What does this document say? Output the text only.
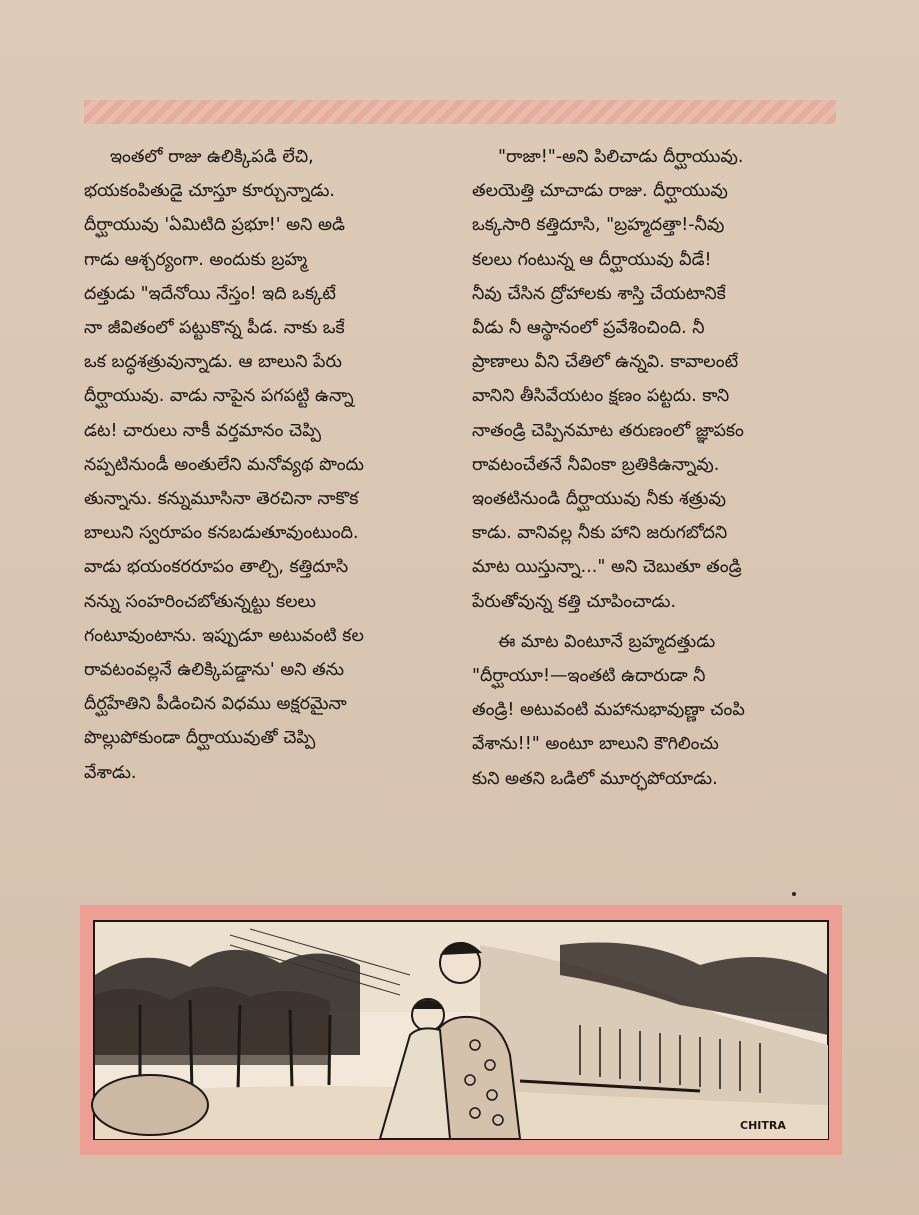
ఇంతలో రాజు ఉలిక్కిపడి లేచి,
భయకంపితుడై చూస్తూ కూర్చున్నాడు.
దీర్ఘాయువు 'ఏమిటిది ప్రభూ!' అని అడి
గాడు ఆశ్చర్యంగా. అందుకు బ్రహ్మ
దత్తుడు "ఇదేనోయి నేస్తం! ఇది ఒక్కటే
నా జీవితంలో పట్టుకొన్న పీడ. నాకు ఒకే
ఒక బద్ధశత్రువున్నాడు. ఆ బాలుని పేరు
దీర్ఘాయువు. వాడు నాపైన పగపట్టి ఉన్నా
డట! చారులు నాకీ వర్తమానం చెప్పి
నప్పటినుండీ అంతులేని మనోవ్యథ పొందు
తున్నాను. కన్నుమూసినా తెరచినా నాకొక
బాలుని స్వరూపం కనబడుతూవుంటుంది.
వాడు భయంకరరూపం తాల్చి, కత్తిదూసి
నన్ను సంహరించబోతున్నట్టు కలలు
గంటూవుంటాను. ఇప్పుడూ అటువంటి కల
రావటంవల్లనే ఉలిక్కిపడ్డాను' అని తను
దీర్ఘహేతిని పీడించిన విధము అక్షరమైనా
పొల్లుపోకుండా దీర్ఘాయువుతో చెప్పి
వేశాడు.
"రాజా!"-అని పిలిచాడు దీర్ఘాయువు.
తలయెత్తి చూచాడు రాజు. దీర్ఘాయువు
ఒక్కసారి కత్తిదూసి, "బ్రహ్మదత్తా!-నీవు
కలలు గంటున్న ఆ దీర్ఘాయువు వీడే!
నీవు చేసిన ద్రోహాలకు శాస్తి చేయటానికే
వీడు నీ ఆస్థానంలో ప్రవేశించింది. నీ
ప్రాణాలు వీని చేతిలో ఉన్నవి. కావాలంటే
వానిని తీసివేయటం క్షణం పట్టదు. కాని
నాతండ్రి చెప్పినమాట తరుణంలో జ్ఞాపకం
రావటంచేతనే నీవింకా బ్రతికిఉన్నావు.
ఇంతటినుండి దీర్ఘాయువు నీకు శత్రువు
కాడు. వానివల్ల నీకు హాని జరుగబోదని
మాట యిస్తున్నా..." అని చెబుతూ తండ్రి
పేరుతోవున్న కత్తి చూపించాడు.
ఈ మాట వింటూనే బ్రహ్మదత్తుడు
"దీర్ఘాయూ!—ఇంతటి ఉదారుడా నీ
తండ్రి! అటువంటి మహానుభావుణ్ణా చంపి
వేశాను!!" అంటూ బాలుని కౌగిలించు
కుని అతని ఒడిలో మూర్ఛపోయాడు.
CHITRA
